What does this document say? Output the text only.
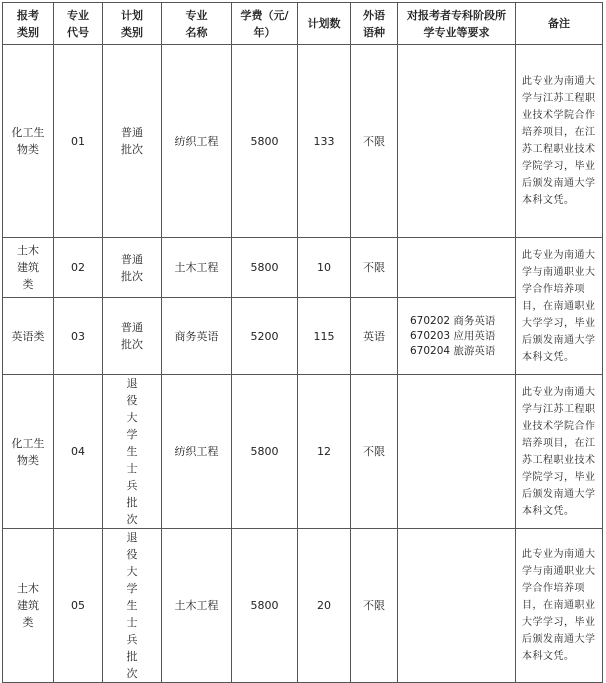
报考类别	专业代号	计划类别	专业名称	学费（元/年）	计划数	外语语种	对报考者专科阶段所学专业等要求	备注
化工生物类	01	普通批次	纺织工程	5800	133	不限		此专业为南通大学与江苏工程职业技术学院合作培养项目，在江苏工程职业技术学院学习，毕业后颁发南通大学本科文凭。
土木建筑类	02	普通批次	土木工程	5800	10	不限		此专业为南通大学与南通职业大学合作培养项目，在南通职业大学学习，毕业后颁发南通大学本科文凭。
英语类	03	普通批次	商务英语	5200	115	英语	670202 商务英语
670203 应用英语
670204 旅游英语	

化工生物类	04	退役大学生士兵批次	纺织工程	5800	12	不限		此专业为南通大学与江苏工程职业技术学院合作培养项目，在江苏工程职业技术学院学习，毕业后颁发南通大学本科文凭。
土木建筑类	05	退役大学生士兵批次	土木工程	5800	20	不限		此专业为南通大学与南通职业大学合作培养项目，在南通职业大学学习，毕业后颁发南通大学本科文凭。
